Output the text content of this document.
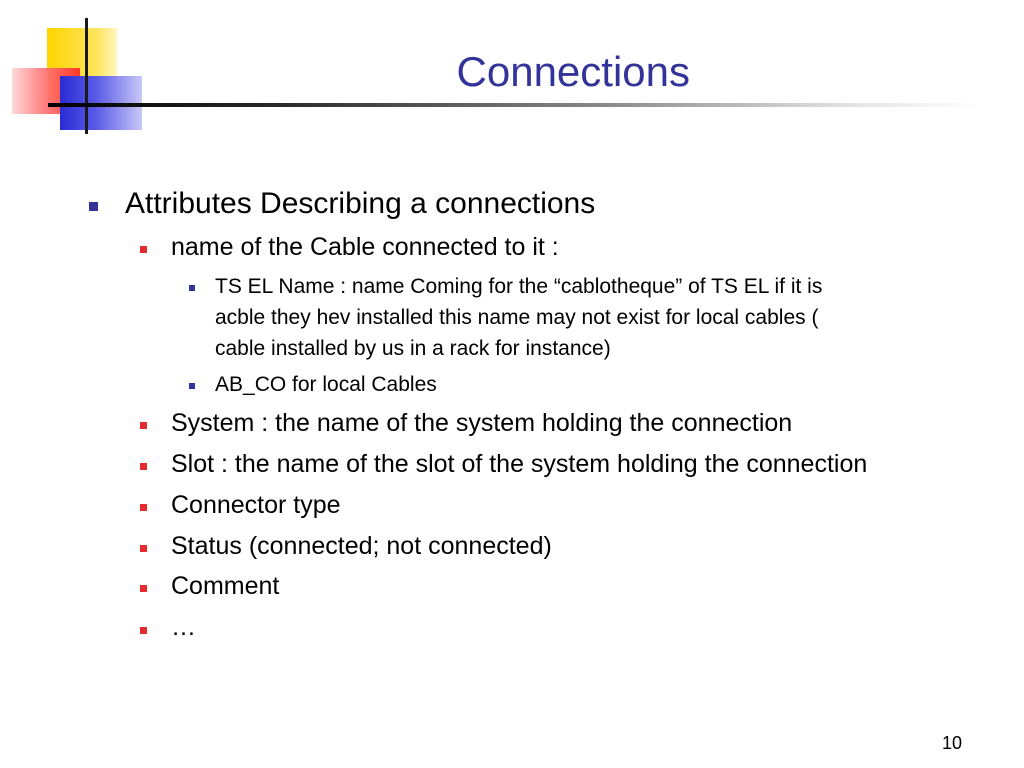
Connections
Attributes Describing a connections
name of the Cable connected to it :
TS EL Name : name Coming for the “cablotheque” of TS EL if it is
acble they hev installed this name may not exist for local cables (
cable installed by us in a rack for instance)
AB_CO for local Cables
System : the name of the system holding the connection
Slot : the name of the slot of the system holding the connection
Connector type
Status (connected; not connected)
Comment
…
10
